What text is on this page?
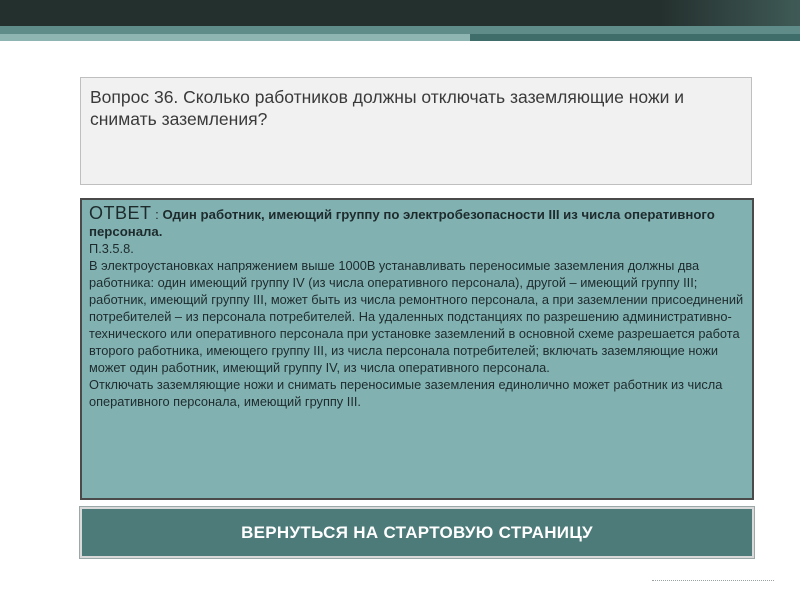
Вопрос 36. Сколько работников должны отключать заземляющие ножи и снимать заземления?

ОТВЕТ : Один работник, имеющий группу по электробезопасности III из числа оперативного персонала.

П.3.5.8.

В электроустановках напряжением выше 1000В устанавливать переносимые заземления должны два работника: один имеющий группу IV (из числа оперативного персонала), другой – имеющий группу III; работник, имеющий группу III, может быть из числа ремонтного персонала, а при заземлении присоединений потребителей – из персонала потребителей. На удаленных подстанциях по разрешению административно-технического или оперативного персонала при установке заземлений в основной схеме разрешается работа второго работника, имеющего группу III, из числа персонала потребителей; включать заземляющие ножи может один работник, имеющий группу IV, из числа оперативного персонала.

Отключать заземляющие ножи и снимать переносимые заземления единолично может работник из числа оперативного персонала, имеющий группу III.

ВЕРНУТЬСЯ НА СТАРТОВУЮ СТРАНИЦУ
